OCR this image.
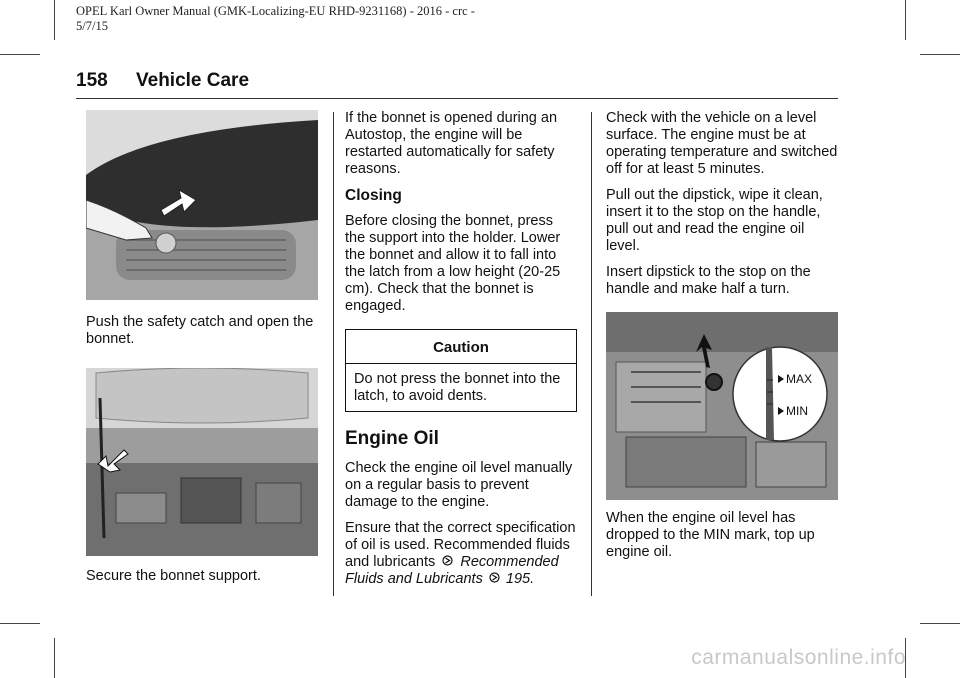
OPEL Karl Owner Manual (GMK-Localizing-EU RHD-9231168) - 2016 - crc -
5/7/15
158 Vehicle Care

Push the safety catch and open the bonnet.

Secure the bonnet support.

If the bonnet is opened during an Autostop, the engine will be restarted automatically for safety reasons.

Closing

Before closing the bonnet, press the support into the holder. Lower the bonnet and allow it to fall into the latch from a low height (20-25 cm). Check that the bonnet is engaged.

Caution

Do not press the bonnet into the latch, to avoid dents.

Engine Oil

Check the engine oil level manually on a regular basis to prevent damage to the engine.

Ensure that the correct specification of oil is used. Recommended fluids and lubricants Recommended Fluids and Lubricants 195.

Check with the vehicle on a level surface. The engine must be at operating temperature and switched off for at least 5 minutes.

Pull out the dipstick, wipe it clean, insert it to the stop on the handle, pull out and read the engine oil level.

Insert dipstick to the stop on the handle and make half a turn.

MAX
MIN

When the engine oil level has dropped to the MIN mark, top up engine oil.

carmanualsonline.info
